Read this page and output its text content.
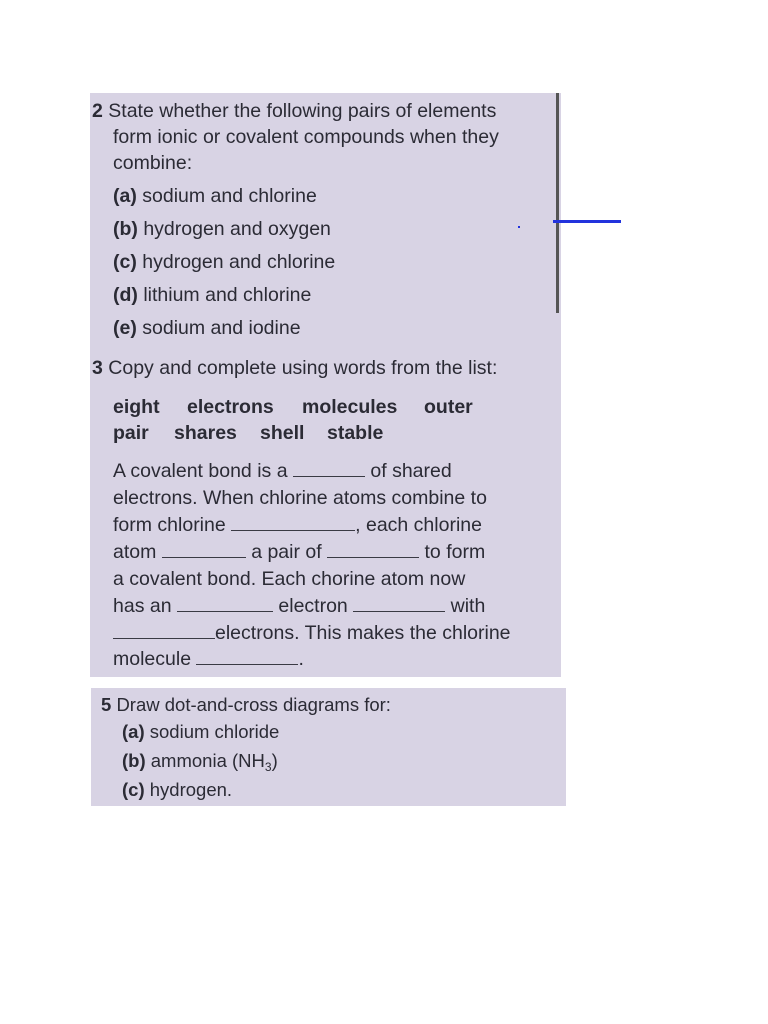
2 State whether the following pairs of elements
form ionic or covalent compounds when they
combine:
(a) sodium and chlorine
(b) hydrogen and oxygen
(c) hydrogen and chlorine
(d) lithium and chlorine
(e) sodium and iodine
3 Copy and complete using words from the list:
eight electrons molecules outer
pair shares shell stable
A covalent bond is a	of shared
electrons. When chlorine atoms combine to
form chlorine	, each chlorine
atom	a pair of	to form
a covalent bond. Each chorine atom now
has an	electron	with
electrons. This makes the chlorine
molecule	.
5 Draw dot-and-cross diagrams for:
(a) sodium chloride
(b) ammonia $(NH_3)$
(c) hydrogen.
